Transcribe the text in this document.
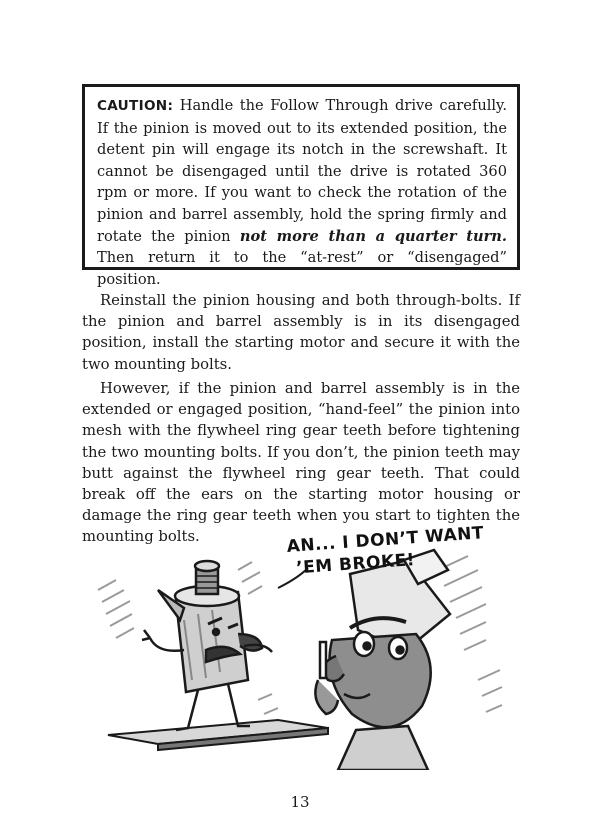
CAUTION: Handle the Follow Through drive carefully. If the pinion is moved out to its extended position, the detent pin will engage its notch in the screwshaft. It cannot be disengaged until the drive is rotated 360 rpm or more. If you want to check the rotation of the pinion and barrel assembly, hold the spring firmly and rotate the pinion not more than a quarter turn. Then return it to the “at-rest” or “disengaged” position.

Reinstall the pinion housing and both through-bolts. If the pinion and barrel assembly is in its disengaged position, install the starting motor and secure it with the two mounting bolts.

However, if the pinion and barrel assembly is in the extended or engaged position, “hand-feel” the pinion into mesh with the flywheel ring gear teeth before tightening the two mounting bolts. If you don’t, the pinion teeth may butt against the flywheel ring gear teeth. That could break off the ears on the starting motor housing or damage the ring gear teeth when you start to tighten the mounting bolts.	AN... I DON’T WANT
’EM BROKE!
13
